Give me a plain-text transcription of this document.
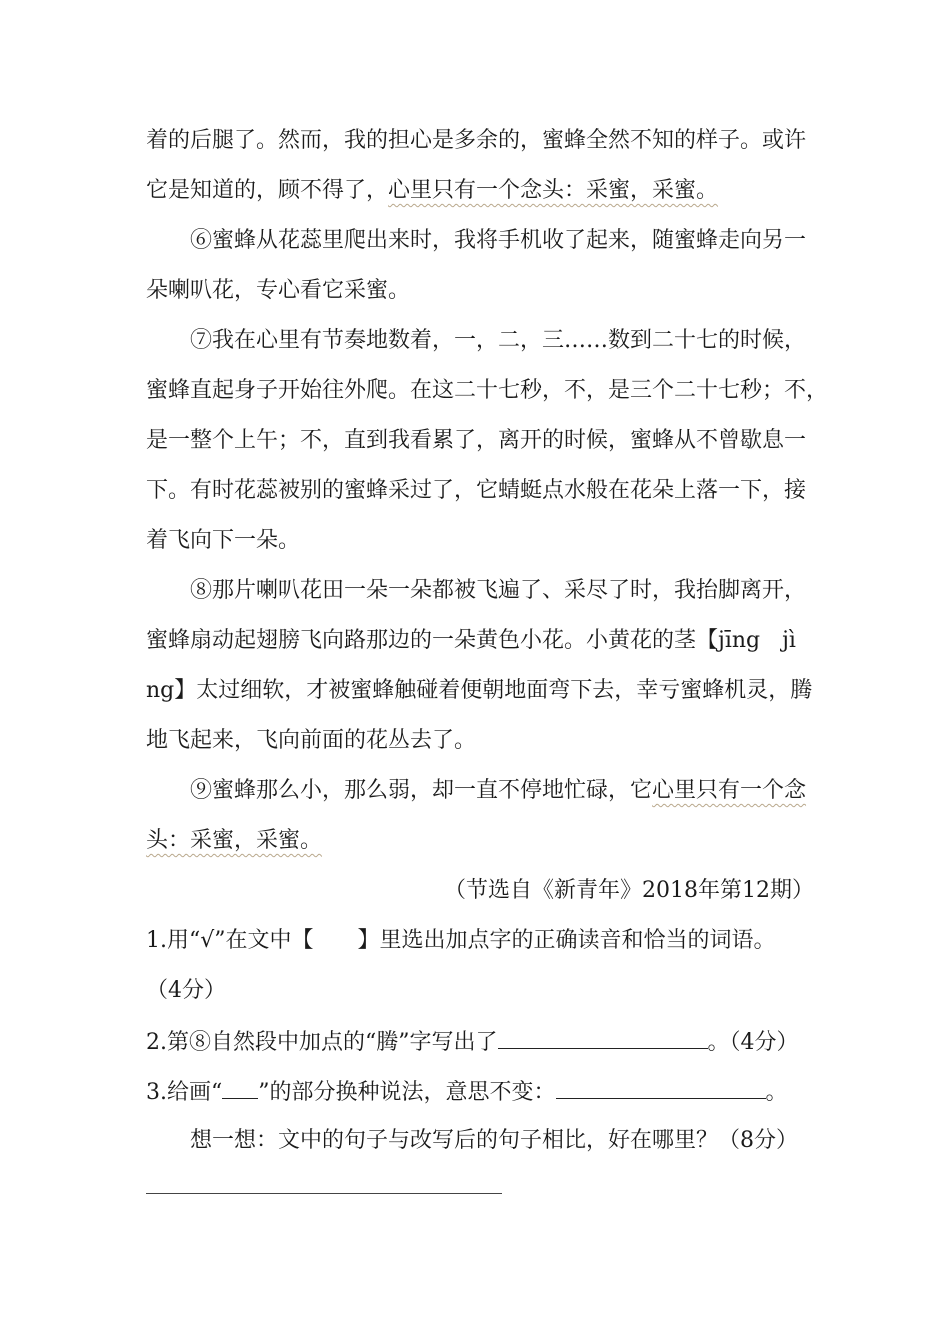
着的后腿了。然而，我的担心是多余的，蜜蜂全然不知的样子。或许
它是知道的，顾不得了，心里只有一个念头：采蜜，采蜜。
⑥蜜蜂从花蕊里爬出来时，我将手机收了起来，随蜜蜂走向另一
朵喇叭花，专心看它采蜜。
⑦我在心里有节奏地数着，一，二，三……数到二十七的时候，
蜜蜂直起身子开始往外爬。在这二十七秒，不，是三个二十七秒；不，
是一整个上午；不，直到我看累了，离开的时候，蜜蜂从不曾歇息一
下。有时花蕊被别的蜜蜂采过了，它蜻蜓点水般在花朵上落一下，接
着飞向下一朵。
⑧那片喇叭花田一朵一朵都被飞遍了、采尽了时，我抬脚离开，
蜜蜂扇动起翅膀飞向路那边的一朵黄色小花。小黄花的茎【jīng　jì
ng】太过细软，才被蜜蜂触碰着便朝地面弯下去，幸亏蜜蜂机灵，腾
地飞起来，飞向前面的花丛去了。
⑨蜜蜂那么小，那么弱，却一直不停地忙碌，它心里只有一个念
头：采蜜，采蜜。
（节选自《新青年》2018年第12期）
1.用“√”在文中【　　】里选出加点字的正确读音和恰当的词语。
（4分）
2.第⑧自然段中加点的“腾”字写出了	。（4分）
3.给画“ ”的部分换种说法，意思不变：	。
想一想：文中的句子与改写后的句子相比，好在哪里？（8分）
